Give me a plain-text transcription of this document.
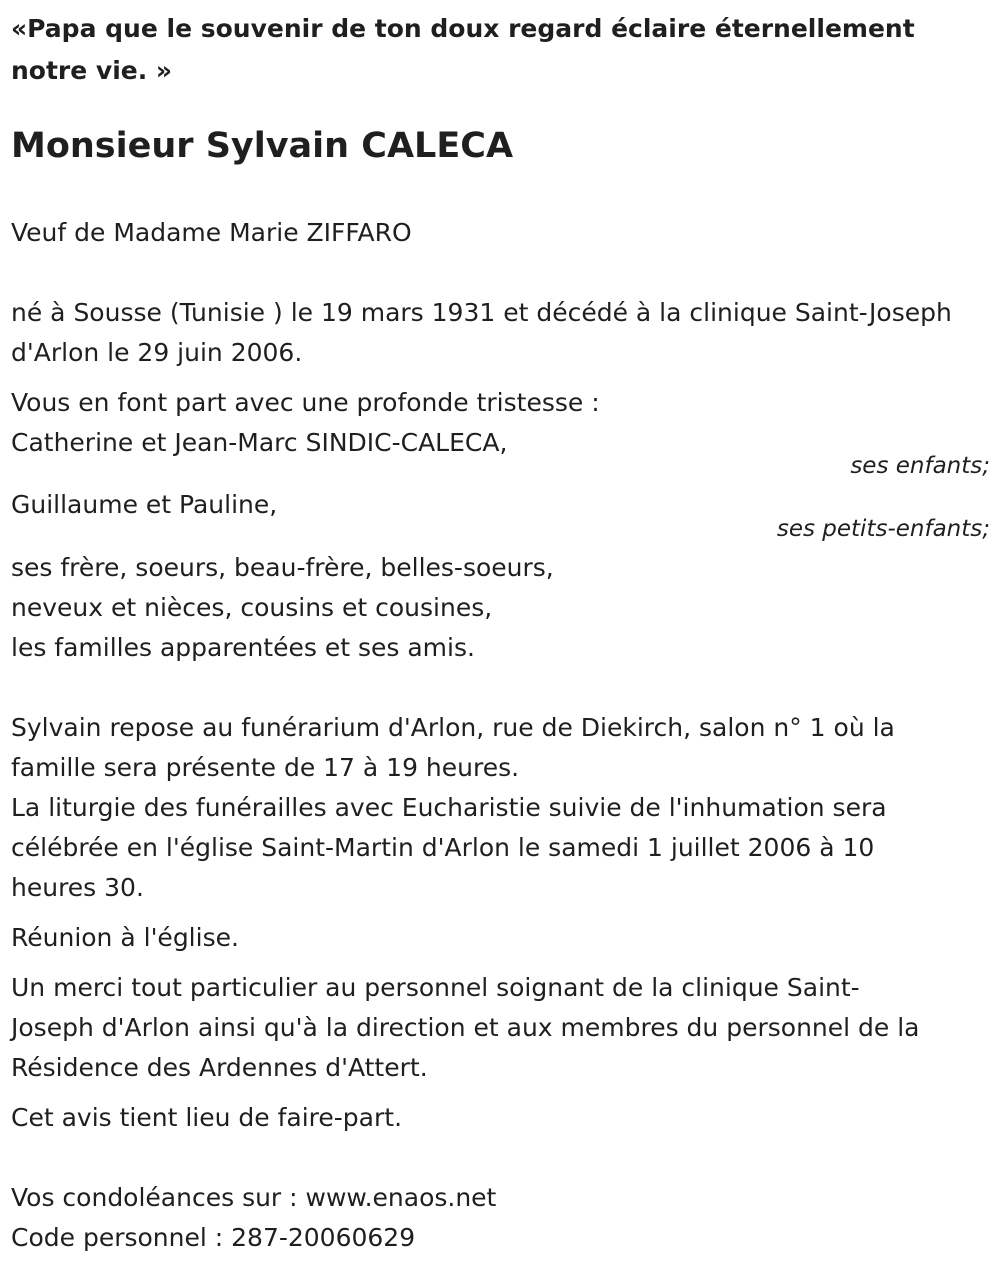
«Papa que le souvenir de ton doux regard éclaire éternellement
notre vie. »
Monsieur Sylvain CALECA
Veuf de Madame Marie ZIFFARO
né à Sousse (Tunisie ) le 19 mars 1931 et décédé à la clinique Saint-Joseph
d'Arlon le 29 juin 2006.
Vous en font part avec une profonde tristesse :
Catherine et Jean-Marc SINDIC-CALECA,
ses enfants;
Guillaume et Pauline,
ses petits-enfants;
ses frère, soeurs, beau-frère, belles-soeurs,
neveux et nièces, cousins et cousines,
les familles apparentées et ses amis.
Sylvain repose au funérarium d'Arlon, rue de Diekirch, salon n° 1 où la
famille sera présente de 17 à 19 heures.
La liturgie des funérailles avec Eucharistie suivie de l'inhumation sera
célébrée en l'église Saint-Martin d'Arlon le samedi 1 juillet 2006 à 10
heures 30.
Réunion à l'église.
Un merci tout particulier au personnel soignant de la clinique Saint-
Joseph d'Arlon ainsi qu'à la direction et aux membres du personnel de la
Résidence des Ardennes d'Attert.
Cet avis tient lieu de faire-part.
Vos condoléances sur : www.enaos.net
Code personnel : 287-20060629
